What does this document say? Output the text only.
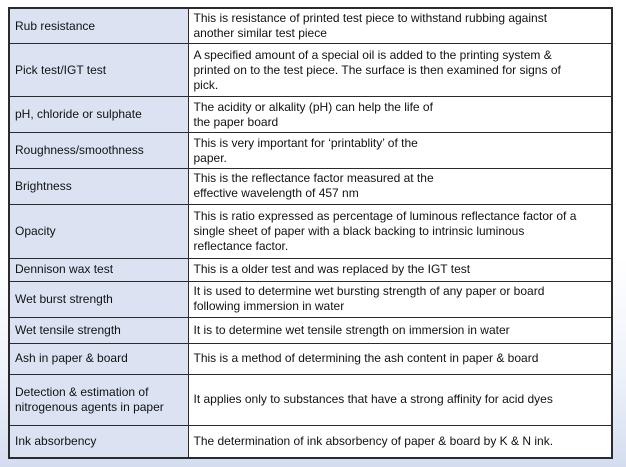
Rub resistance	This is resistance of printed test piece to withstand rubbing against
another similar test piece
Pick test/IGT test	A specified amount of a special oil is added to the printing system &
printed on to the test piece. The surface is then examined for signs of
pick.
pH, chloride or sulphate	The acidity or alkality (pH) can help the life of
the paper board
Roughness/smoothness	This is very important for ‘printablity’ of the
paper.
Brightness	This is the reflectance factor measured at the
effective wavelength of 457 nm
Opacity	This is ratio expressed as percentage of luminous reflectance factor of a
single sheet of paper with a black backing to intrinsic luminous
reflectance factor.
Dennison wax test	This is a older test and was replaced by the IGT test
Wet burst strength	It is used to determine wet bursting strength of any paper or board
following immersion in water
Wet tensile strength	It is to determine wet tensile strength on immersion in water
Ash in paper & board	This is a method of determining the ash content in paper & board
Detection & estimation of
nitrogenous agents in paper	It applies only to substances that have a strong affinity for acid dyes
Ink absorbency	The determination of ink absorbency of paper & board by K & N ink.
